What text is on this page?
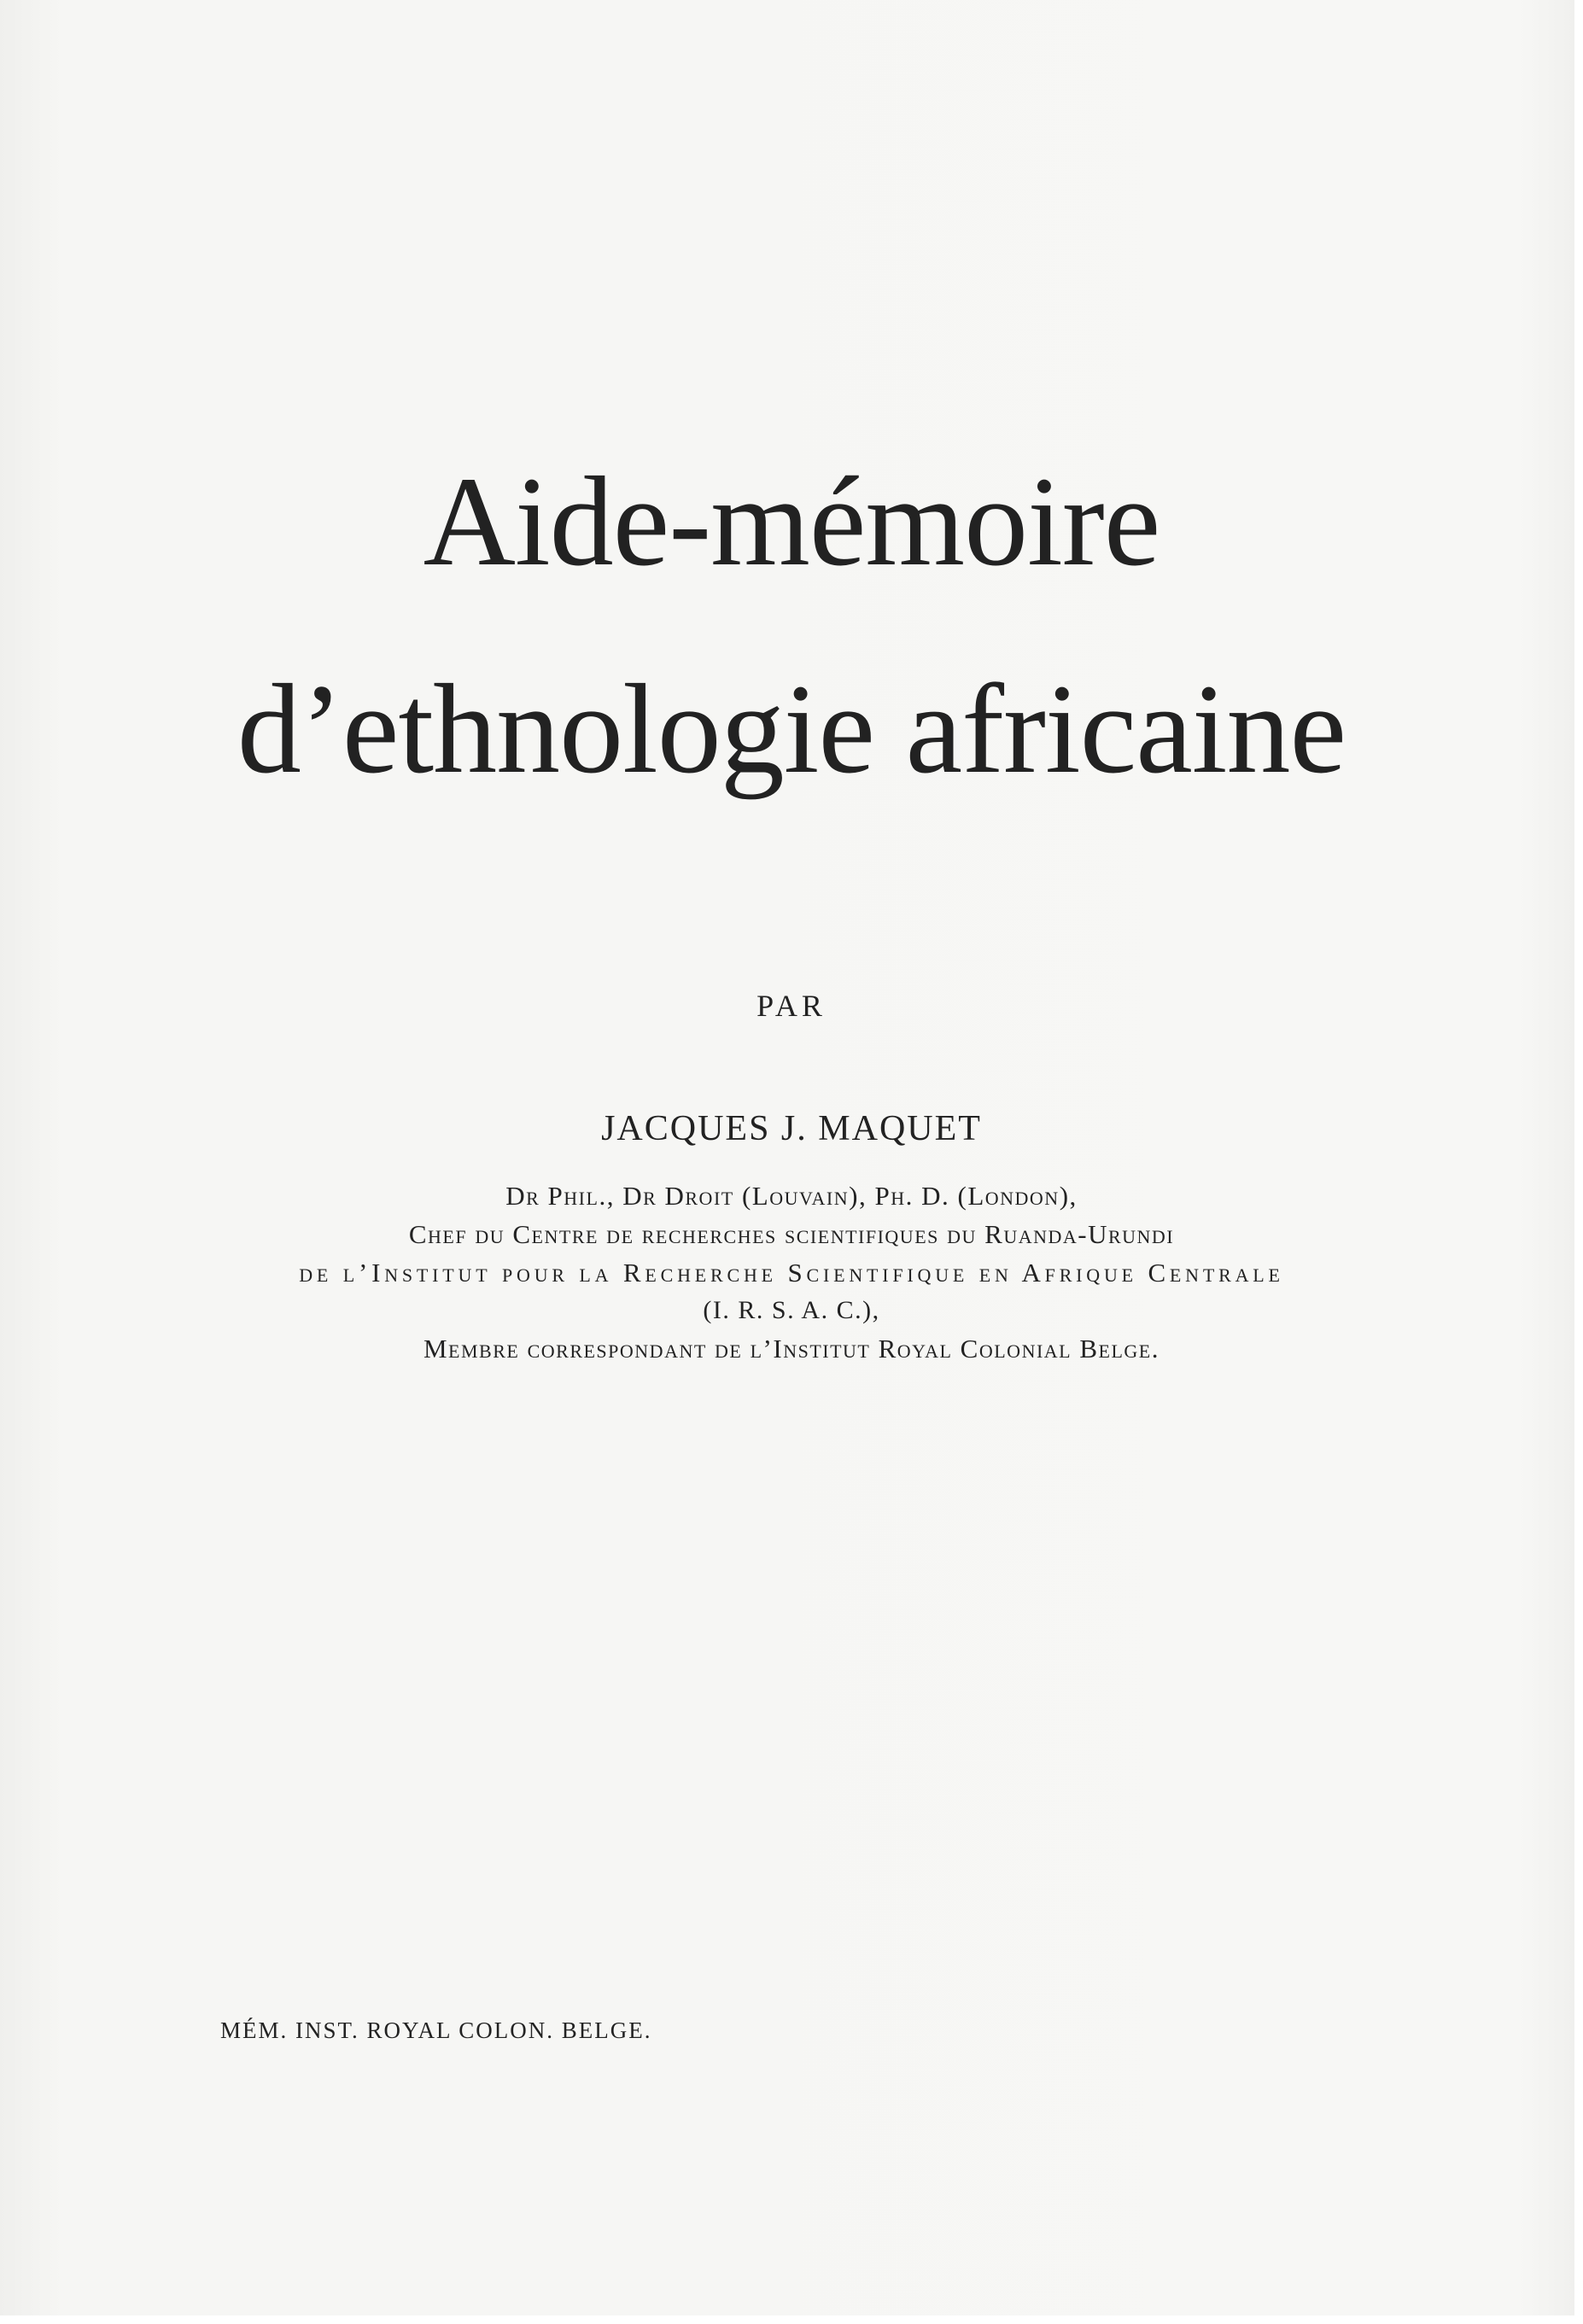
Aide-mémoire
d’ethnologie africaine
PAR
JACQUES J. MAQUET
Dr Phil., Dr Droit (Louvain), Ph. D. (London),
Chef du Centre de recherches scientifiques du Ruanda-Urundi
de l’Institut pour la Recherche Scientifique en Afrique Centrale
(I. R. S. A. C.),
Membre correspondant de l’Institut Royal Colonial Belge.
MÉM. INST. ROYAL COLON. BELGE.
